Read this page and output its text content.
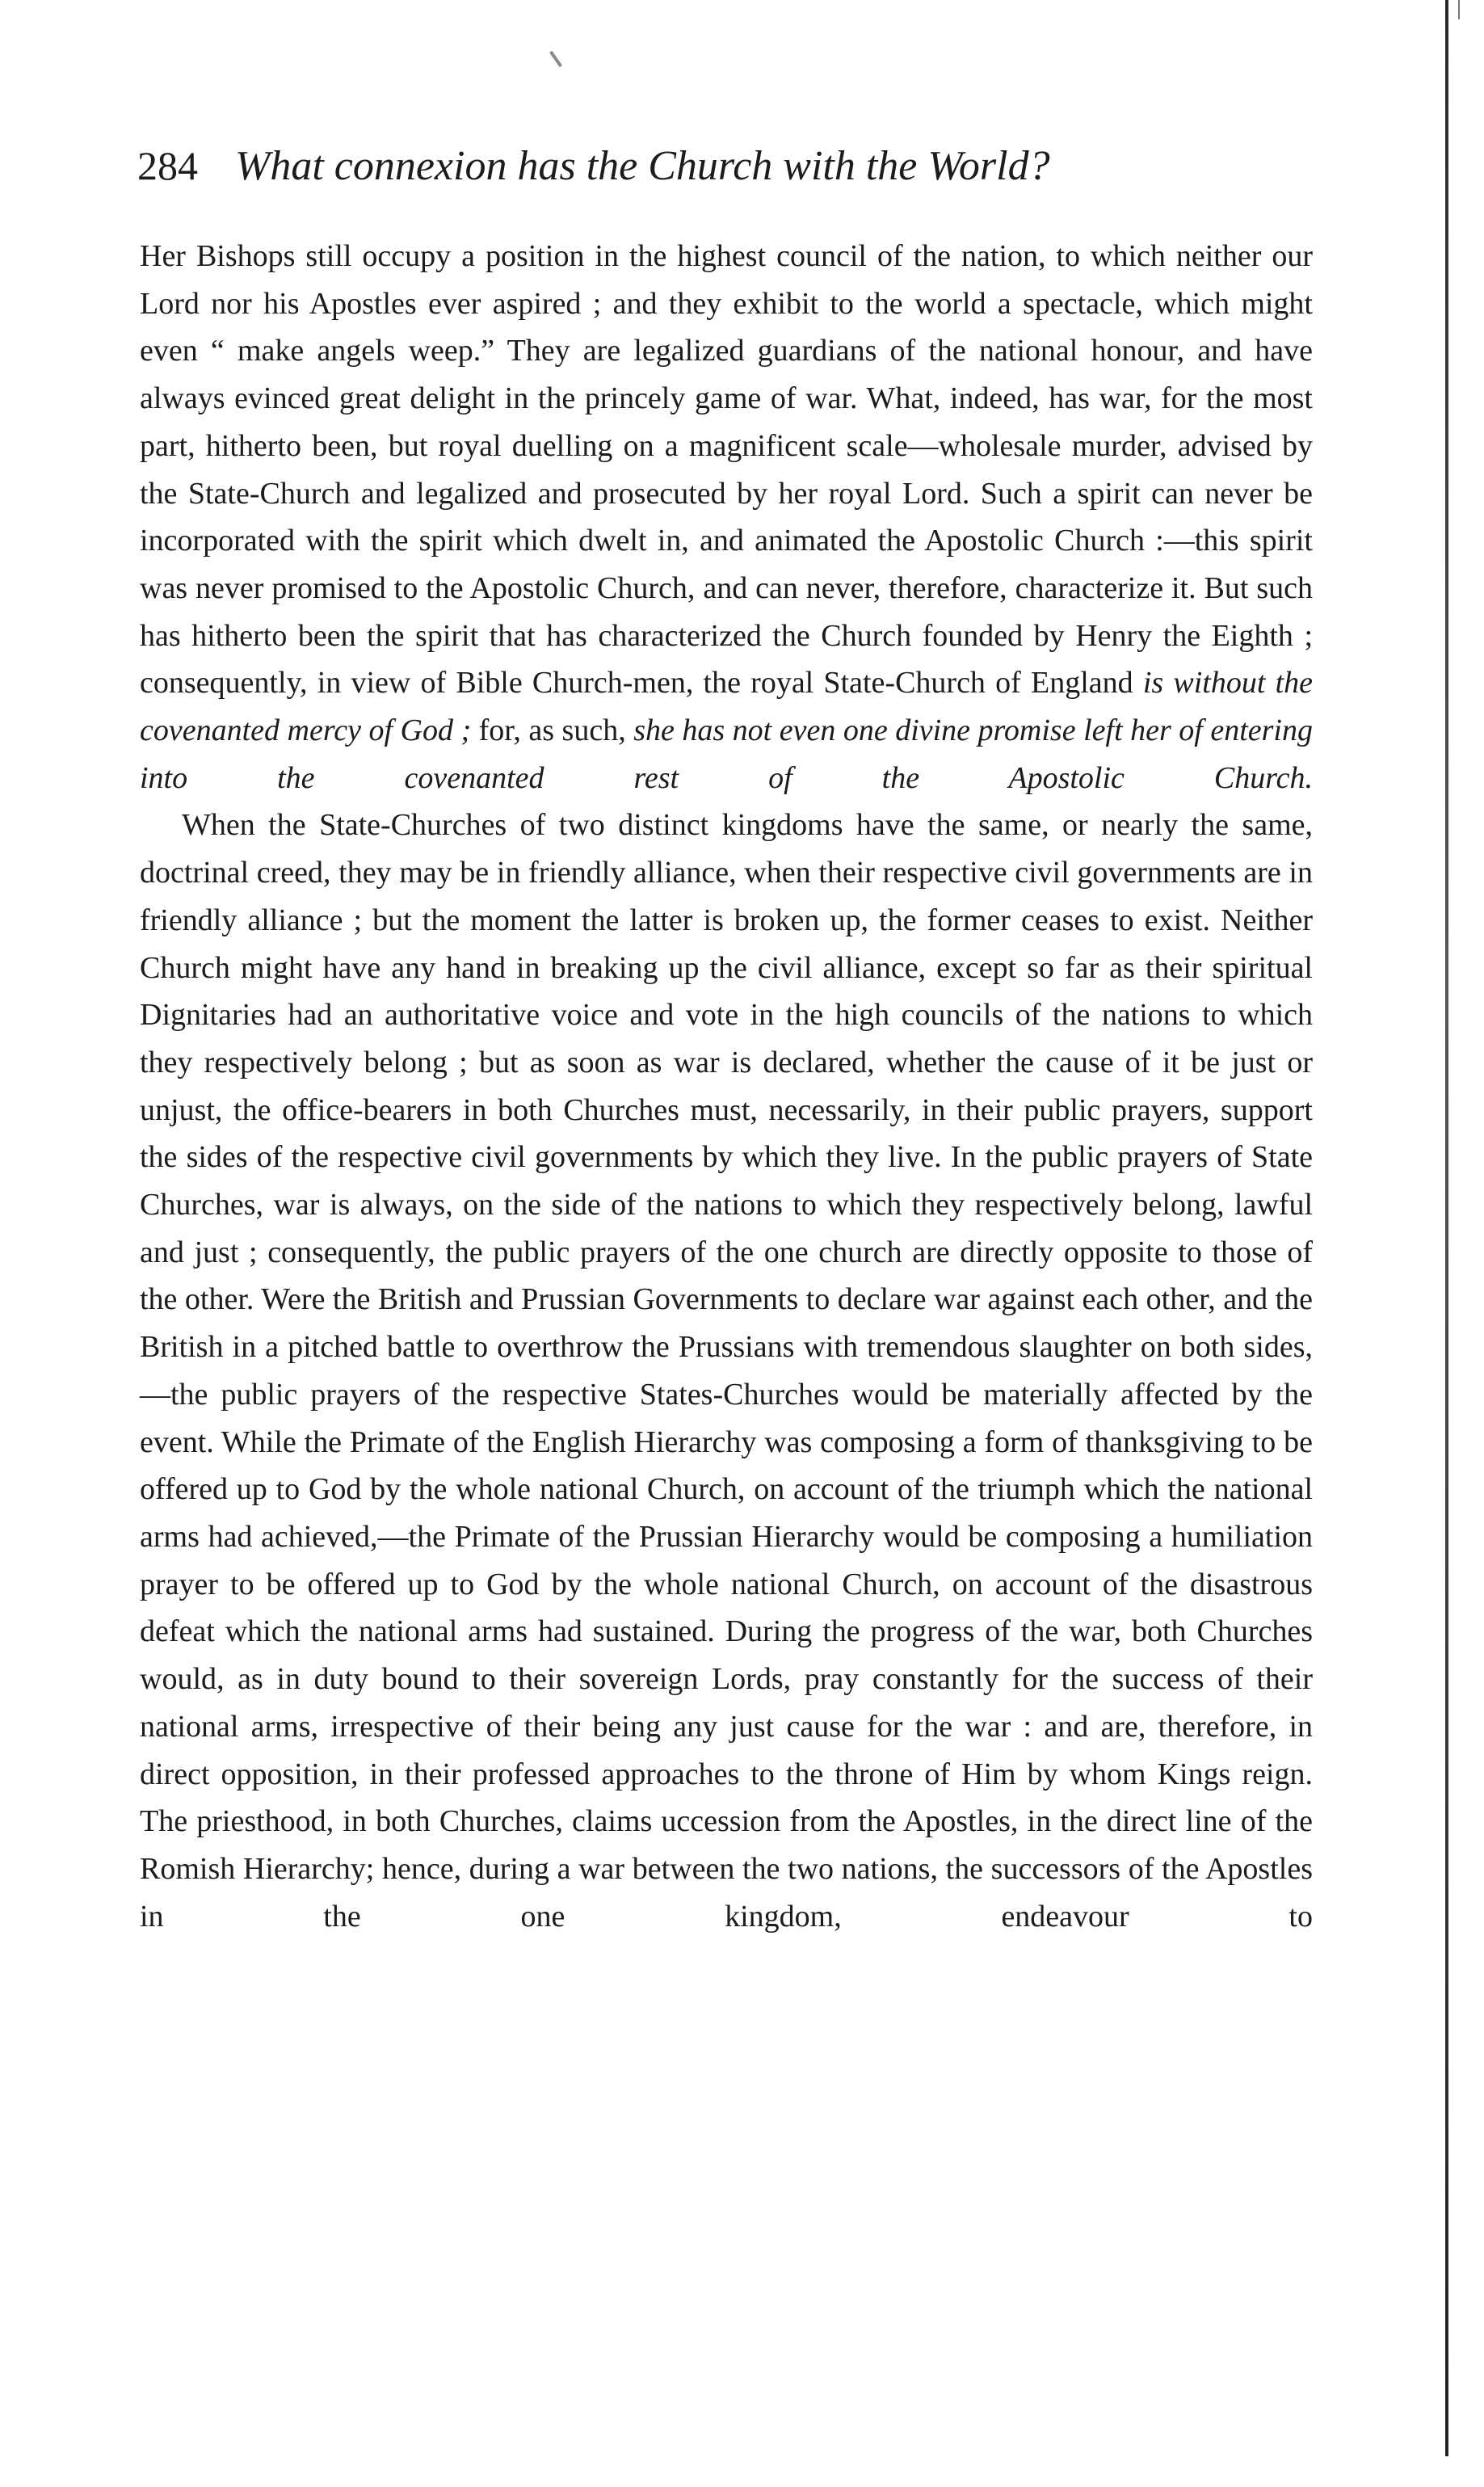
284 What connexion has the Church with the World?

Her Bishops still occupy a position in the highest council of the nation, to which neither our Lord nor his Apostles ever aspired ; and they exhibit to the world a spectacle, which might even “ make angels weep.” They are legalized guardians of the national honour, and have always evinced great delight in the princely game of war. What, indeed, has war, for the most part, hitherto been, but royal duelling on a magnificent scale—wholesale murder, advised by the State-Church and legalized and prosecuted by her royal Lord. Such a spirit can never be incorporated with the spirit which dwelt in, and animated the Apostolic Church :—this spirit was never promised to the Apostolic Church, and can never, therefore, characterize it. But such has hitherto been the spirit that has characterized the Church founded by Henry the Eighth ; consequently, in view of Bible Church-men, the royal State-Church of England is without the covenanted mercy of God ; for, as such, she has not even one divine promise left her of entering into the covenanted rest of the Apostolic Church.

When the State-Churches of two distinct kingdoms have the same, or nearly the same, doctrinal creed, they may be in friendly alliance, when their respective civil governments are in friendly alliance ; but the moment the latter is broken up, the former ceases to exist. Neither Church might have any hand in breaking up the civil alliance, except so far as their spiritual Dignitaries had an authoritative voice and vote in the high councils of the nations to which they respectively belong ; but as soon as war is declared, whether the cause of it be just or unjust, the office-bearers in both Churches must, necessarily, in their public prayers, support the sides of the respective civil governments by which they live. In the public prayers of State Churches, war is always, on the side of the nations to which they respectively belong, lawful and just ; consequently, the public prayers of the one church are directly opposite to those of the other. Were the British and Prussian Governments to declare war against each other, and the British in a pitched battle to overthrow the Prussians with tremendous slaughter on both sides,—the public prayers of the respective States-Churches would be materially affected by the event. While the Primate of the English Hierarchy was composing a form of thanksgiving to be offered up to God by the whole national Church, on account of the triumph which the national arms had achieved,—the Primate of the Prussian Hierarchy would be composing a humiliation prayer to be offered up to God by the whole national Church, on account of the disastrous defeat which the national arms had sustained. During the progress of the war, both Churches would, as in duty bound to their sovereign Lords, pray constantly for the success of their national arms, irrespective of their being any just cause for the war : and are, therefore, in direct opposition, in their professed approaches to the throne of Him by whom Kings reign. The priesthood, in both Churches, claims uccession from the Apostles, in the direct line of the Romish Hierarchy; hence, during a war between the two nations, the successors of the Apostles in the one kingdom, endeavour to
